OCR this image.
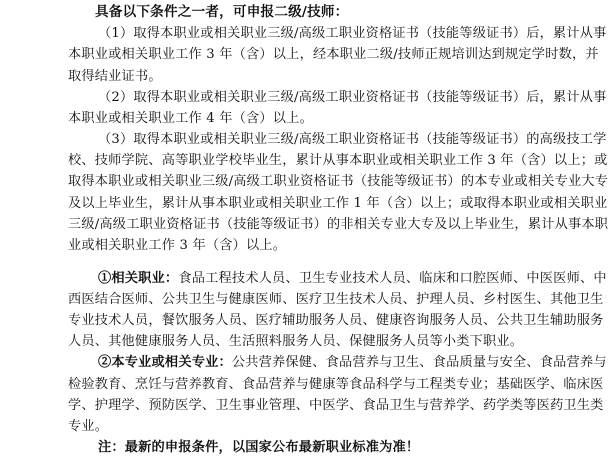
具备以下条件之一者，可申报二级/技师：
（1）取得本职业或相关职业三级/高级工职业资格证书（技能等级证书）后，累计从事
本职业或相关职业工作 3 年（含）以上，经本职业二级/技师正规培训达到规定学时数，并
取得结业证书。
（2）取得本职业或相关职业三级/高级工职业资格证书（技能等级证书）后，累计从事
本职业或相关职业工作 4 年（含）以上。
（3）取得本职业或相关职业三级/高级工职业资格证书（技能等级证书）的高级技工学
校、技师学院、高等职业学校毕业生，累计从事本职业或相关职业工作 3 年（含）以上；或
取得本职业或相关职业三级/高级工职业资格证书（技能等级证书）的本专业或相关专业大专
及以上毕业生，累计从事本职业或相关职业工作 1 年（含）以上；或取得本职业或相关职业
三级/高级工职业资格证书（技能等级证书）的非相关专业大专及以上毕业生，累计从事本职
业或相关职业工作 3 年（含）以上。
①相关职业：食品工程技术人员、卫生专业技术人员、临床和口腔医师、中医医师、中
西医结合医师、公共卫生与健康医师、医疗卫生技术人员、护理人员、乡村医生、其他卫生
专业技术人员，餐饮服务人员、医疗辅助服务人员、健康咨询服务人员、公共卫生辅助服务
人员、其他健康服务人员、生活照料服务人员、保健服务人员等小类下职业。
②本专业或相关专业：公共营养保健、食品营养与卫生、食品质量与安全、食品营养与
检验教育、烹饪与营养教育、食品营养与健康等食品科学与工程类专业；基础医学、临床医
学、护理学、预防医学、卫生事业管理、中医学、食品卫生与营养学、药学类等医药卫生类
专业。
注：最新的申报条件，以国家公布最新职业标准为准！
